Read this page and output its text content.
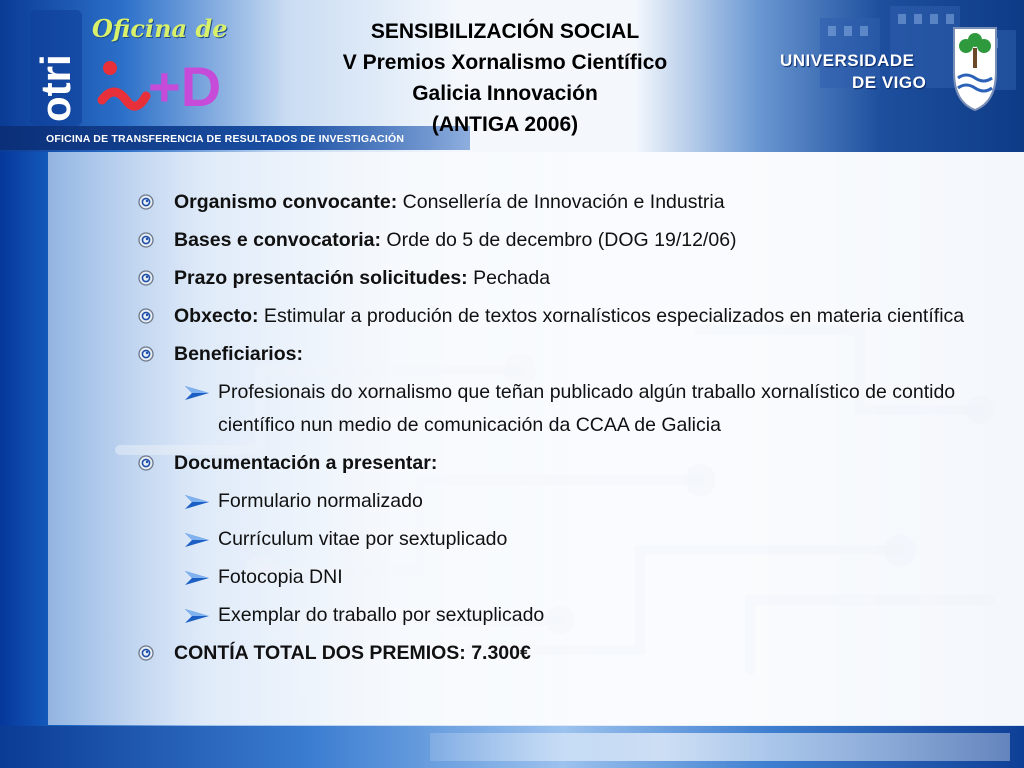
otri
Oficina de
+D
OFICINA DE TRANSFERENCIA DE RESULTADOS DE INVESTIGACIÓN
UNIVERSIDADE
DE VIGO
SENSIBILIZACIÓN SOCIAL
V Premios Xornalismo Científico
Galicia Innovación
(ANTIGA 2006)
Organismo convocante: Consellería de Innovación e Industria
Bases e convocatoria: Orde do 5 de decembro (DOG 19/12/06)
Prazo presentación solicitudes: Pechada
Obxecto: Estimular a produción de textos xornalísticos especializados en materia científica
Beneficiarios:
Profesionais do xornalismo que teñan publicado algún traballo xornalístico de contido científico nun medio de comunicación da CCAA de Galicia
Documentación a presentar:
Formulario normalizado
Currículum vitae por sextuplicado
Fotocopia DNI
Exemplar do traballo por sextuplicado
CONTÍA TOTAL DOS PREMIOS: 7.300€
